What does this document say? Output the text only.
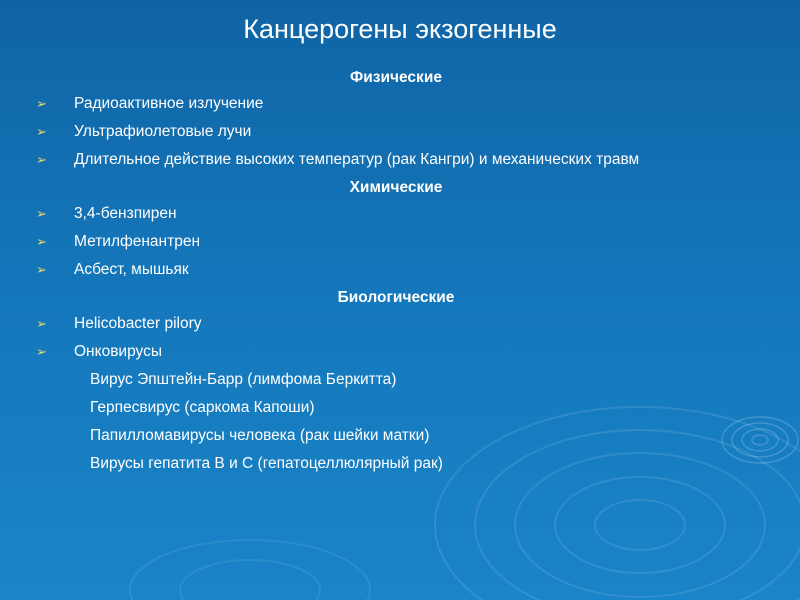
Канцерогены экзогенные
Физические
➢ Радиоактивное излучение
➢ Ультрафиолетовые лучи
➢ Длительное действие высоких температур (рак Кангри) и механических травм
Химические
➢ 3,4-бензпирен
➢ Метилфенантрен
➢ Асбест, мышьяк
Биологические
➢ Helicobacter pilory
➢ Онковирусы
Вирус Эпштейн-Барр (лимфома Беркитта)
Герпесвирус (саркома Капоши)
Папилломавирусы человека (рак шейки матки)
Вирусы гепатита В и С (гепатоцеллюлярный рак)
